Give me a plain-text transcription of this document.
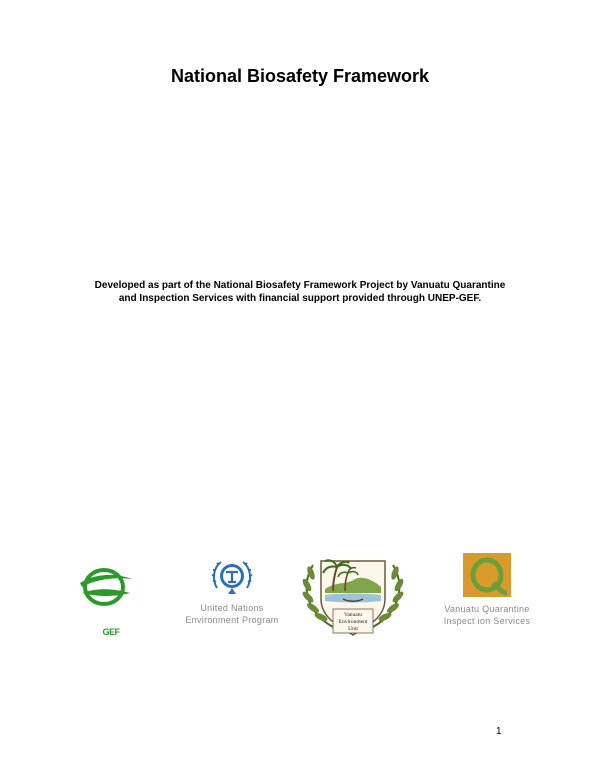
National Biosafety Framework
Developed as part of the National Biosafety Framework Project by Vanuatu Quarantine
and Inspection Services with financial support provided through UNEP-GEF.
GEF
United Nations
Environment Program	Vanuatu
Environment
Unit
Vanuatu Quarantine
Inspect ion Services
1
